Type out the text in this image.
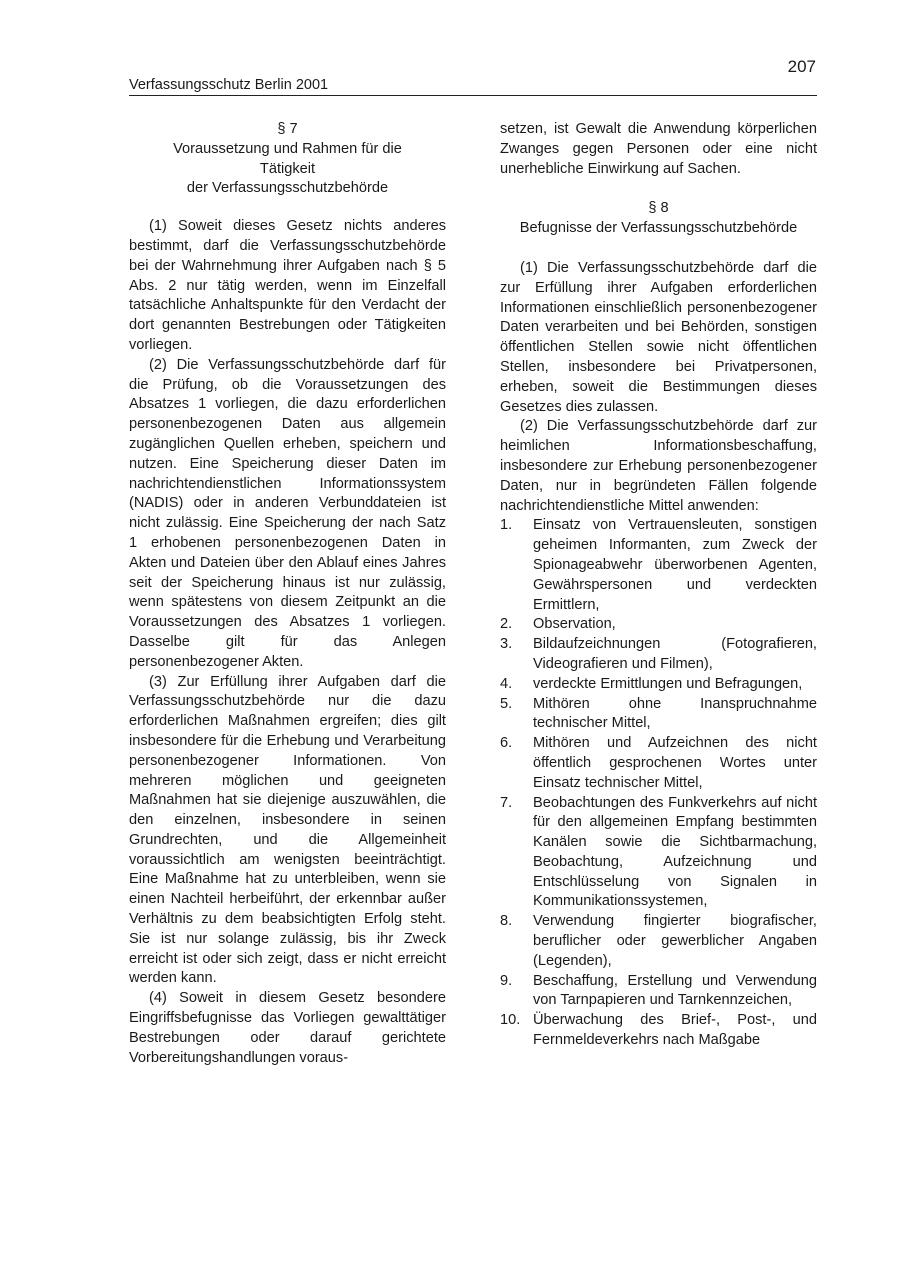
207
Verfassungsschutz Berlin 2001
§ 7
Voraussetzung und Rahmen für die
Tätigkeit
der Verfassungsschutzbehörde

(1) Soweit dieses Gesetz nichts anderes bestimmt, darf die Verfassungsschutzbehörde bei der Wahrnehmung ihrer Aufgaben nach § 5 Abs. 2 nur tätig werden, wenn im Einzelfall tatsächliche Anhaltspunkte für den Verdacht der dort genannten Bestrebungen oder Tätigkeiten vorliegen.

(2) Die Verfassungsschutzbehörde darf für die Prüfung, ob die Voraussetzungen des Absatzes 1 vorliegen, die dazu erforderlichen personenbezogenen Daten aus allgemein zugänglichen Quellen erheben, speichern und nutzen. Eine Speicherung dieser Daten im nachrichtendienstlichen Informationssystem (NADIS) oder in anderen Verbunddateien ist nicht zulässig. Eine Speicherung der nach Satz 1 erhobenen personenbezogenen Daten in Akten und Dateien über den Ablauf eines Jahres seit der Speicherung hinaus ist nur zulässig, wenn spätestens von diesem Zeitpunkt an die Voraussetzungen des Absatzes 1 vorliegen. Dasselbe gilt für das Anlegen personenbezogener Akten.

(3) Zur Erfüllung ihrer Aufgaben darf die Verfassungsschutzbehörde nur die dazu erforderlichen Maßnahmen ergreifen; dies gilt insbesondere für die Erhebung und Verarbeitung personenbezogener Informationen. Von mehreren möglichen und geeigneten Maßnahmen hat sie diejenige auszuwählen, die den einzelnen, insbesondere in seinen Grundrechten, und die Allgemeinheit voraussichtlich am wenigsten beeinträchtigt. Eine Maßnahme hat zu unterbleiben, wenn sie einen Nachteil herbeiführt, der erkennbar außer Verhältnis zu dem beabsichtigten Erfolg steht. Sie ist nur solange zulässig, bis ihr Zweck erreicht ist oder sich zeigt, dass er nicht erreicht werden kann.

(4) Soweit in diesem Gesetz besondere Eingriffsbefugnisse das Vorliegen gewalttätiger Bestrebungen oder darauf gerichtete Vorbereitungshandlungen voraus-

setzen, ist Gewalt die Anwendung körperlichen Zwanges gegen Personen oder eine nicht unerhebliche Einwirkung auf Sachen.

§ 8
Befugnisse der Verfassungsschutzbehörde

(1) Die Verfassungsschutzbehörde darf die zur Erfüllung ihrer Aufgaben erforderlichen Informationen einschließlich personenbezogener Daten verarbeiten und bei Behörden, sonstigen öffentlichen Stellen sowie nicht öffentlichen Stellen, insbesondere bei Privatpersonen, erheben, soweit die Bestimmungen dieses Gesetzes dies zulassen.

(2) Die Verfassungsschutzbehörde darf zur heimlichen Informationsbeschaffung, insbesondere zur Erhebung personenbezogener Daten, nur in begründeten Fällen folgende nachrichtendienstliche Mittel anwenden:

1.	Einsatz von Vertrauensleuten, sonstigen geheimen Informanten, zum Zweck der Spionageabwehr überworbenen Agenten, Gewährspersonen und verdeckten Ermittlern,
2.	Observation,
3.	Bildaufzeichnungen (Fotografieren, Videografieren und Filmen),
4.	verdeckte Ermittlungen und Befragungen,
5.	Mithören ohne Inanspruchnahme technischer Mittel,
6.	Mithören und Aufzeichnen des nicht öffentlich gesprochenen Wortes unter Einsatz technischer Mittel,
7.	Beobachtungen des Funkverkehrs auf nicht für den allgemeinen Empfang bestimmten Kanälen sowie die Sichtbarmachung, Beobachtung, Aufzeichnung und Entschlüsselung von Signalen in Kommunikationssystemen,
8.	Verwendung fingierter biografischer, beruflicher oder gewerblicher Angaben (Legenden),
9.	Beschaffung, Erstellung und Verwendung von Tarnpapieren und Tarnkennzeichen,
10. Überwachung des Brief-, Post-, und Fernmeldeverkehrs nach Maßgabe
